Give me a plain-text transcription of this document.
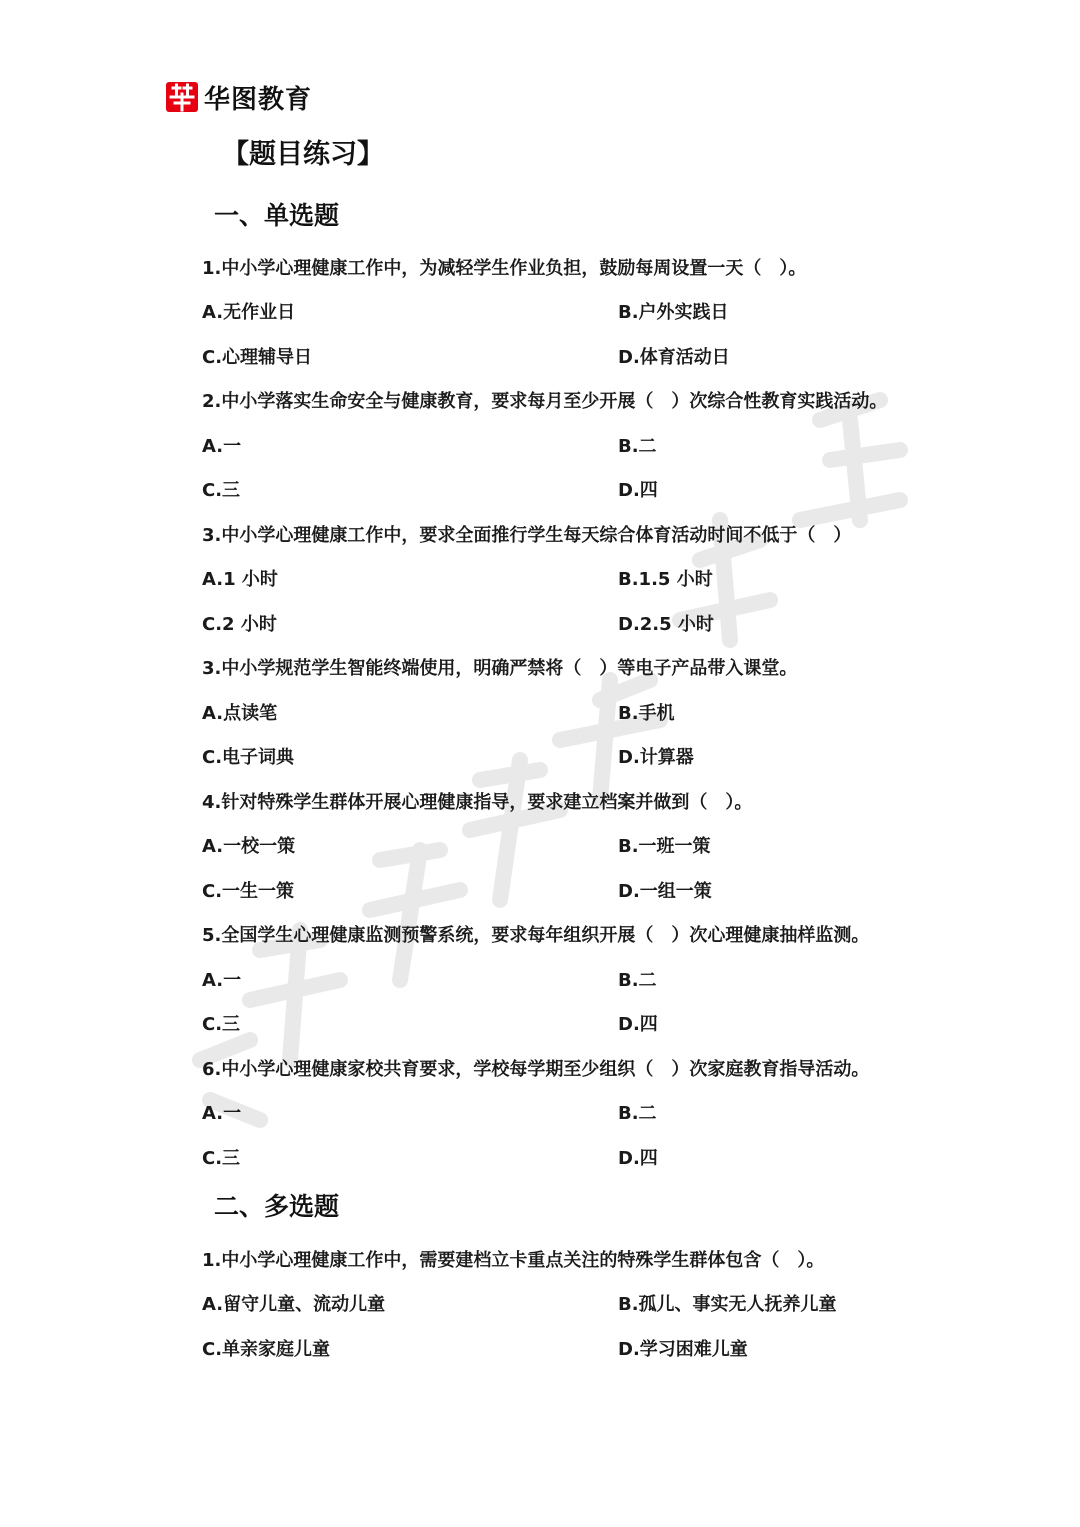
华图教育
【题目练习】
一、单选题
1.中小学心理健康工作中，为减轻学生作业负担，鼓励每周设置一天（　）。
A.无作业日	B.户外实践日
C.心理辅导日	D.体育活动日
2.中小学落实生命安全与健康教育，要求每月至少开展（　）次综合性教育实践活动。
A.一	B.二
C.三	D.四
3.中小学心理健康工作中，要求全面推行学生每天综合体育活动时间不低于（　）
A.1 小时	B.1.5 小时
C.2 小时	D.2.5 小时
3.中小学规范学生智能终端使用，明确严禁将（　）等电子产品带入课堂。
A.点读笔	B.手机
C.电子词典	D.计算器
4.针对特殊学生群体开展心理健康指导，要求建立档案并做到（　）。
A.一校一策	B.一班一策
C.一生一策	D.一组一策
5.全国学生心理健康监测预警系统，要求每年组织开展（　）次心理健康抽样监测。
A.一	B.二
C.三	D.四
6.中小学心理健康家校共育要求，学校每学期至少组织（　）次家庭教育指导活动。
A.一	B.二
C.三	D.四
二、多选题
1.中小学心理健康工作中，需要建档立卡重点关注的特殊学生群体包含（　）。
A.留守儿童、流动儿童	B.孤儿、事实无人抚养儿童
C.单亲家庭儿童	D.学习困难儿童
